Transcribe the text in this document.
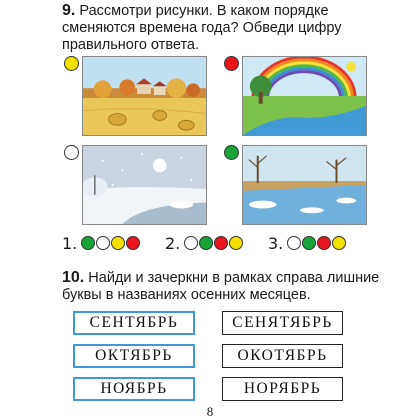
9. Рассмотри рисунки. В каком порядке сменяются времена года? Обведи цифру правильного ответа.
1.	2.	3.
10. Найди и зачеркни в рамках справа лишние буквы в названиях осенних месяцев.
СЕНТЯБРЬ	СЕНЯТЯБРЬ
ОКТЯБРЬ	ОКОТЯБРЬ
НОЯБРЬ	НОРЯБРЬ
8
